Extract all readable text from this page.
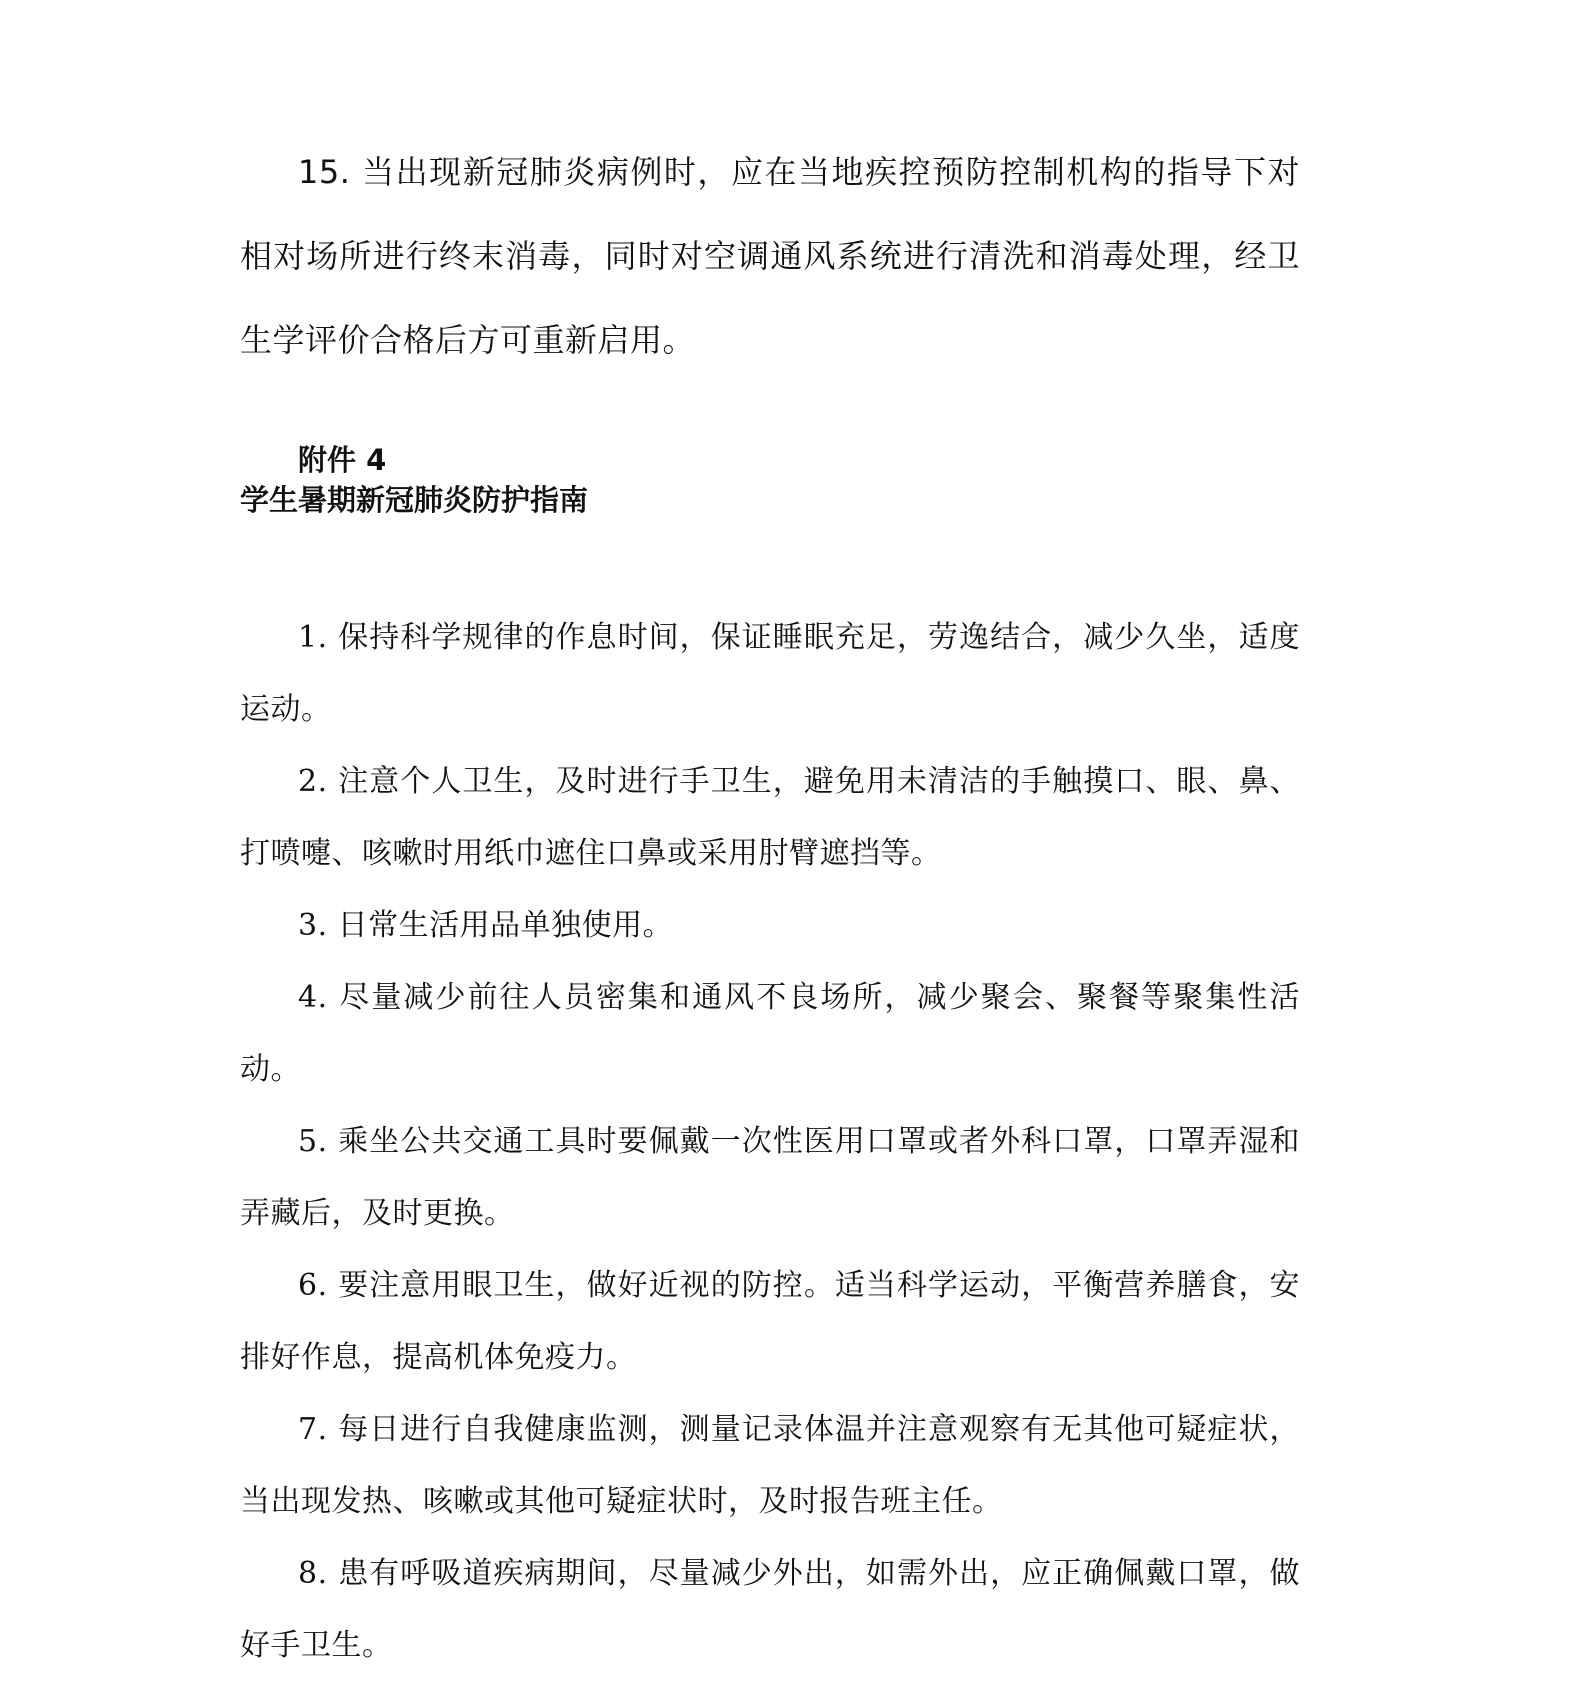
15. 当出现新冠肺炎病例时，应在当地疾控预防控制机构的指导下对相对场所进行终末消毒，同时对空调通风系统进行清洗和消毒处理，经卫生学评价合格后方可重新启用。

附件 4

学生暑期新冠肺炎防护指南

1. 保持科学规律的作息时间，保证睡眠充足，劳逸结合，减少久坐，适度运动。

2. 注意个人卫生，及时进行手卫生，避免用未清洁的手触摸口、眼、鼻、打喷嚏、咳嗽时用纸巾遮住口鼻或采用肘臂遮挡等。

3. 日常生活用品单独使用。

4. 尽量减少前往人员密集和通风不良场所，减少聚会、聚餐等聚集性活动。

5. 乘坐公共交通工具时要佩戴一次性医用口罩或者外科口罩，口罩弄湿和弄藏后，及时更换。

6. 要注意用眼卫生，做好近视的防控。适当科学运动，平衡营养膳食，安排好作息，提高机体免疫力。

7. 每日进行自我健康监测，测量记录体温并注意观察有无其他可疑症状，当出现发热、咳嗽或其他可疑症状时，及时报告班主任。

8. 患有呼吸道疾病期间，尽量减少外出，如需外出，应正确佩戴口罩，做好手卫生。
